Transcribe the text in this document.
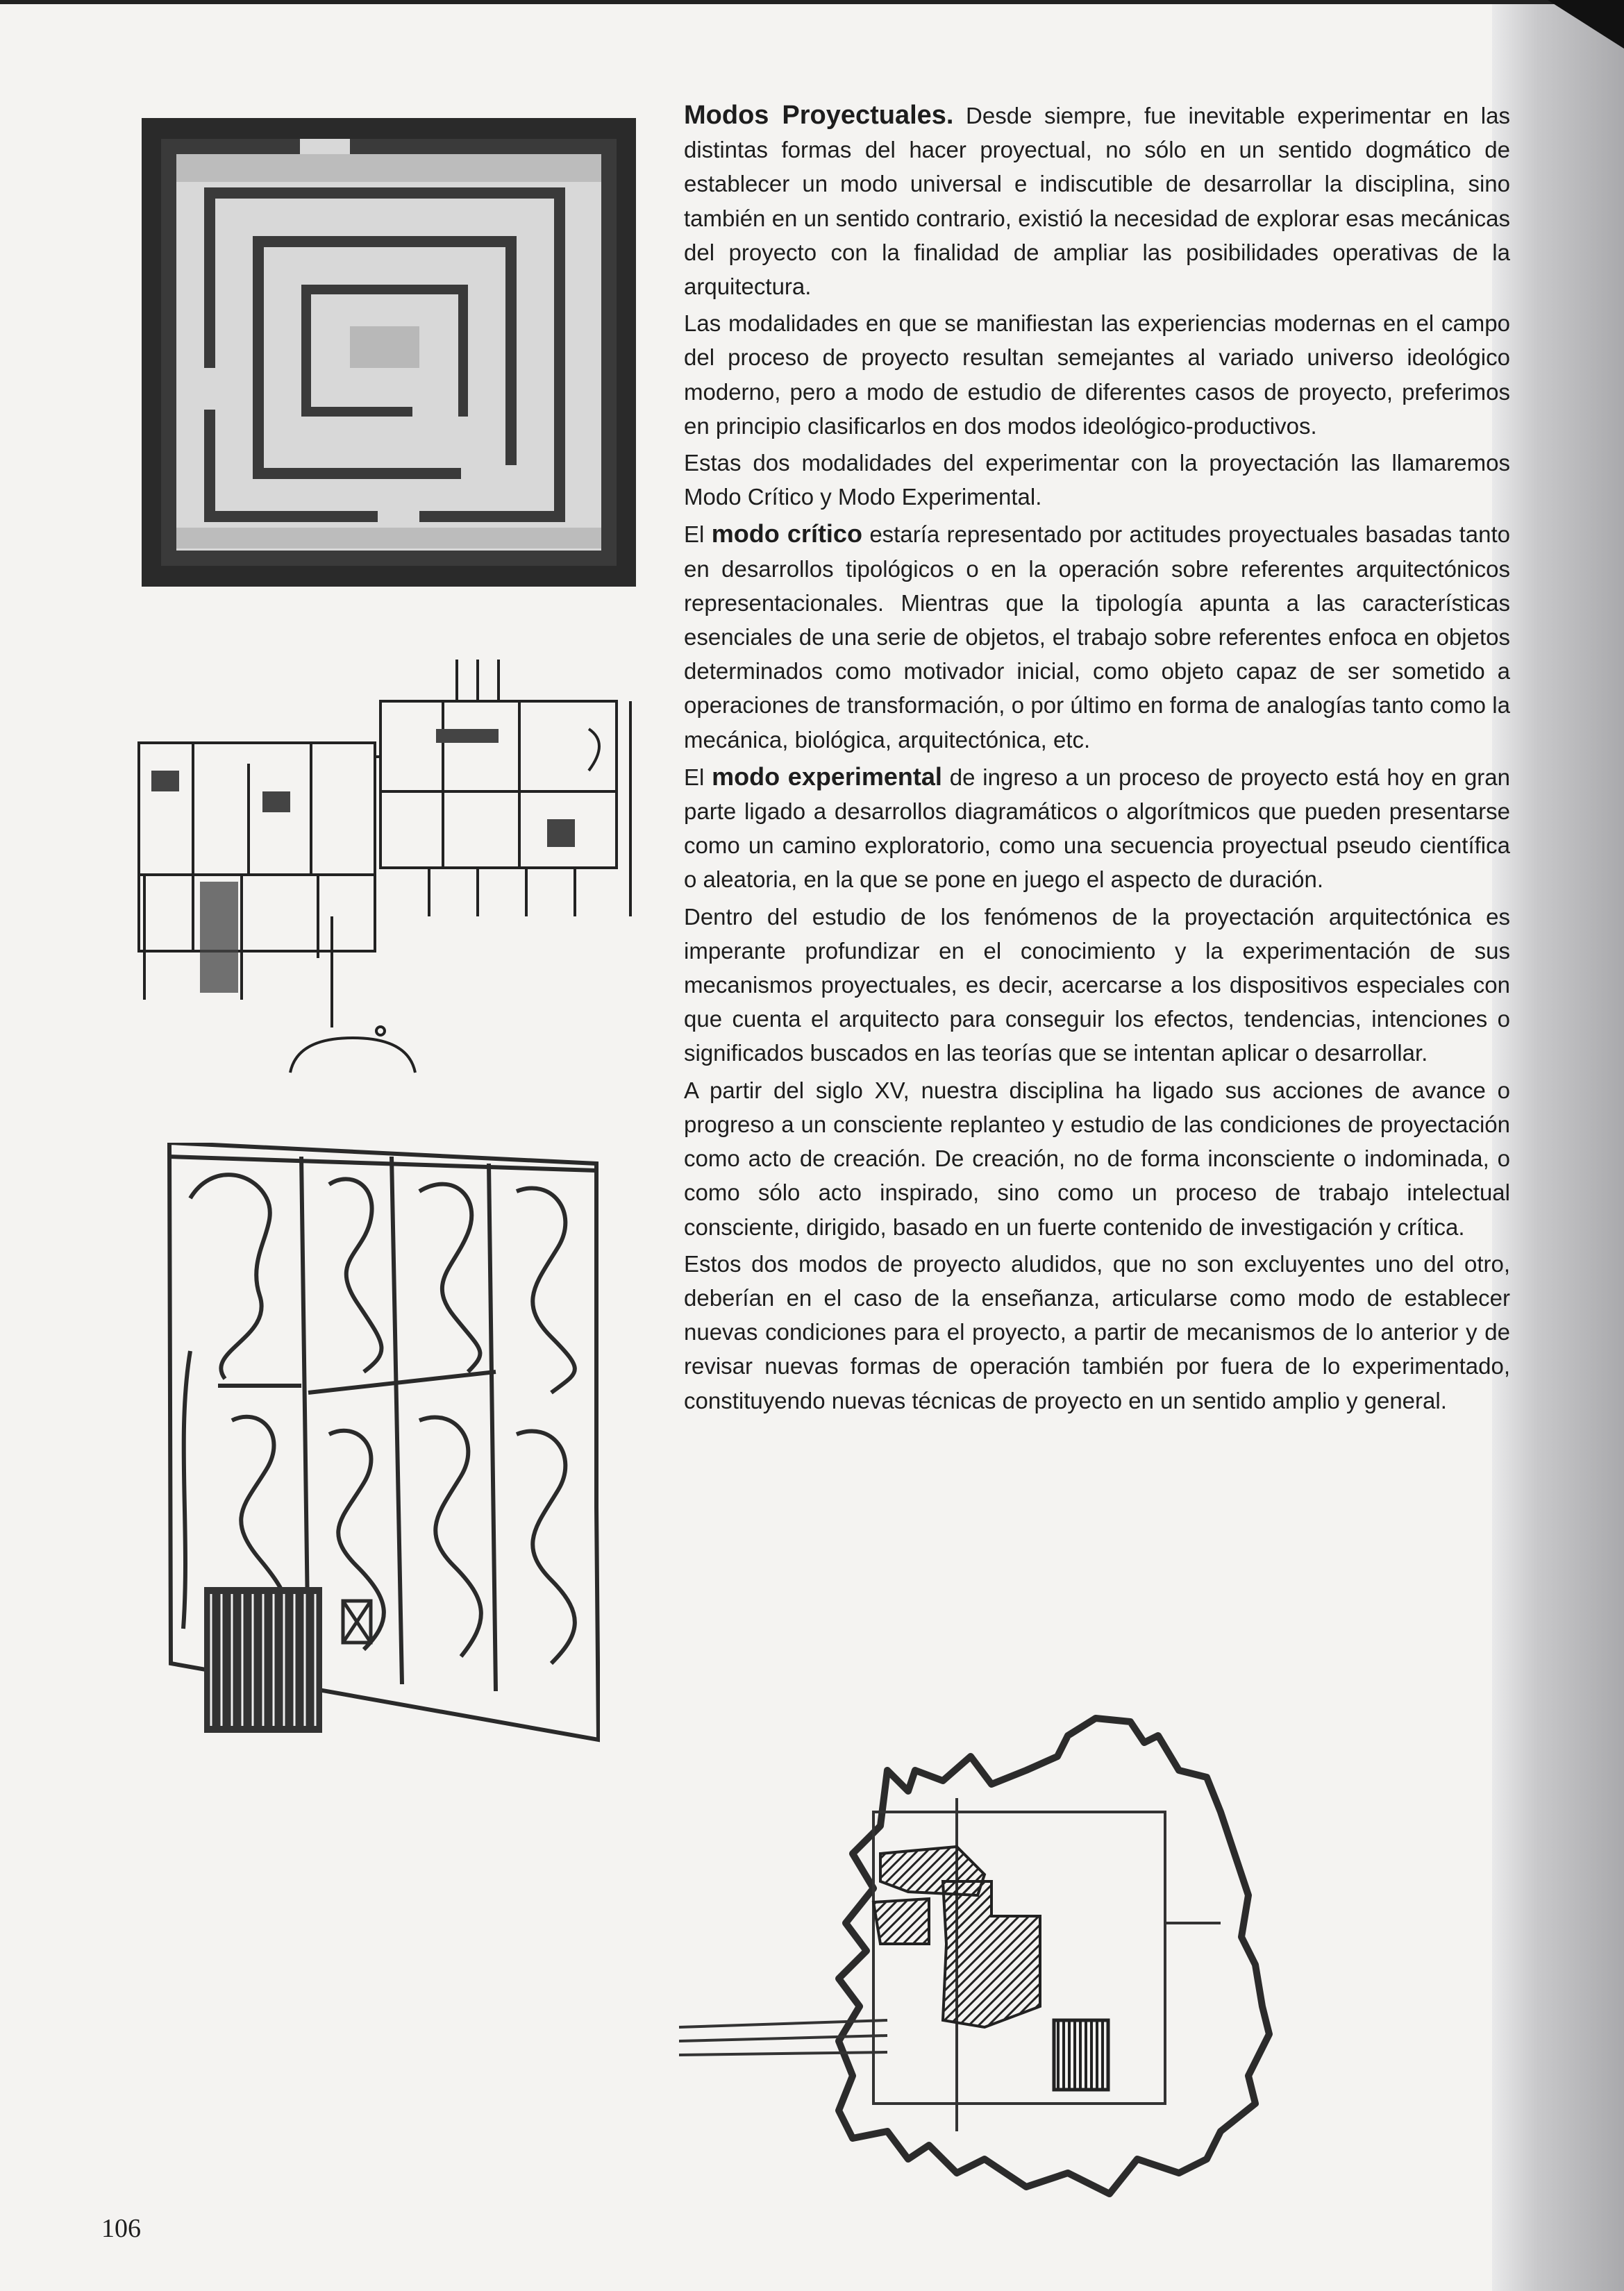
Modos Proyectuales. Desde siempre, fue inevitable experimentar en las distintas formas del hacer proyectual, no sólo en un sentido dogmático de establecer un modo universal e indiscutible de desarrollar la disciplina, sino también en un sentido contrario, existió la necesidad de explorar esas mecánicas del proyecto con la finalidad de ampliar las posibilidades operativas de la arquitectura.

Las modalidades en que se manifiestan las experiencias modernas en el campo del proceso de proyecto resultan semejantes al variado universo ideológico moderno, pero a modo de estudio de diferentes casos de proyecto, preferimos en principio clasificarlos en dos modos ideológico-productivos.

Estas dos modalidades del experimentar con la proyectación las llamaremos Modo Crítico y Modo Experimental.

El modo crítico estaría representado por actitudes proyectuales basadas tanto en desarrollos tipológicos o en la operación sobre referentes arquitectónicos representacionales. Mientras que la tipología apunta a las características esenciales de una serie de objetos, el trabajo sobre referentes enfoca en objetos determinados como motivador inicial, como objeto capaz de ser sometido a operaciones de transformación, o por último en forma de analogías tanto como la mecánica, biológica, arquitectónica, etc.

El modo experimental de ingreso a un proceso de proyecto está hoy en gran parte ligado a desarrollos diagramáticos o algorítmicos que pueden presentarse como un camino exploratorio, como una secuencia proyectual pseudo científica o aleatoria, en la que se pone en juego el aspecto de duración.

Dentro del estudio de los fenómenos de la proyectación arquitectónica es imperante profundizar en el conocimiento y la experimentación de sus mecanismos proyectuales, es decir, acercarse a los dispositivos especiales con que cuenta el arquitecto para conseguir los efectos, tendencias, intenciones o significados buscados en las teorías que se intentan aplicar o desarrollar.

A partir del siglo XV, nuestra disciplina ha ligado sus acciones de avance o progreso a un consciente replanteo y estudio de las condiciones de proyectación como acto de creación. De creación, no de forma inconsciente o indominada, o como sólo acto inspirado, sino como un proceso de trabajo intelectual consciente, dirigido, basado en un fuerte contenido de investigación y crítica.

Estos dos modos de proyecto aludidos, que no son excluyentes uno del otro, deberían en el caso de la enseñanza, articularse como modo de establecer nuevas condiciones para el proyecto, a partir de mecanismos de lo anterior y de revisar nuevas formas de operación también por fuera de lo experimentado, constituyendo nuevas técnicas de proyecto en un sentido amplio y general.

106
